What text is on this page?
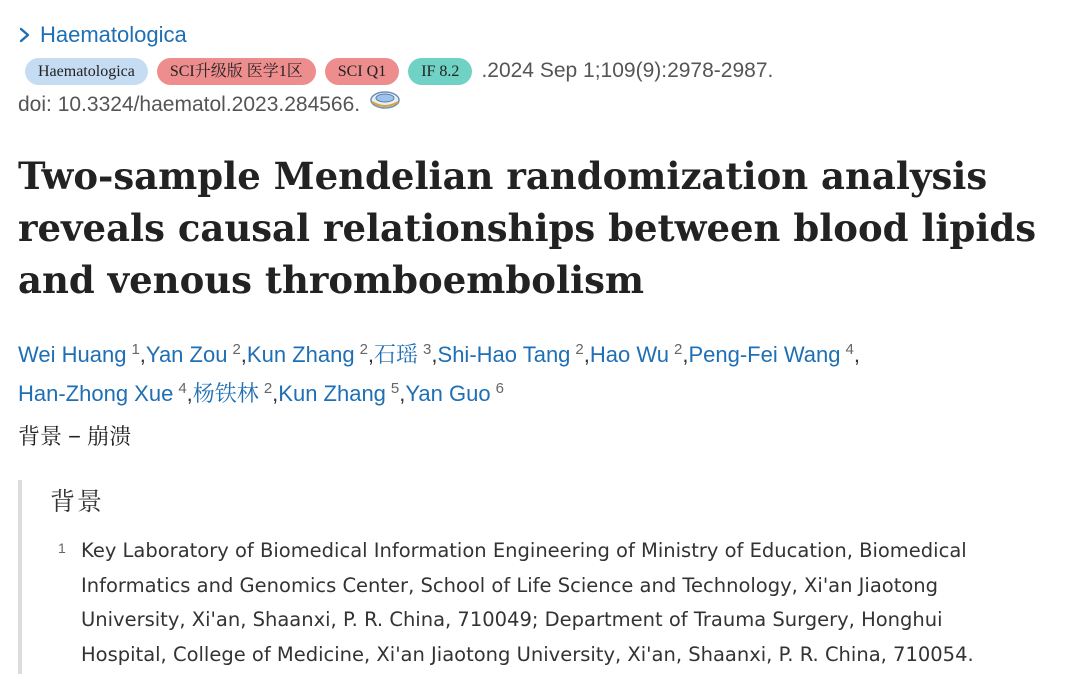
Haematologica
Haematologica	SCI升级版 医学1区	SCI Q1	IF 8.2	.2024 Sep 1;109(9):2978-2987.
doi: 10.3324/haematol.2023.284566.
Two-sample Mendelian randomization analysis reveals causal relationships between blood lipids and venous thromboembolism
Wei Huang $^1$,Yan Zou $^2$,Kun Zhang $^2$,石瑶 $^3$,Shi-Hao Tang $^2$,Hao Wu $^2$,Peng-Fei Wang $^4$,
Han-Zhong Xue $^4$,杨铁林 $^2$,Kun Zhang $^5$,Yan Guo $^6$
背景 − 崩溃
背景
1 Key Laboratory of Biomedical Information Engineering of Ministry of Education, Biomedical Informatics and Genomics Center, School of Life Science and Technology, Xi'an Jiaotong University, Xi'an, Shaanxi, P. R. China, 710049; Department of Trauma Surgery, Honghui Hospital, College of Medicine, Xi'an Jiaotong University, Xi'an, Shaanxi, P. R. China, 710054.
